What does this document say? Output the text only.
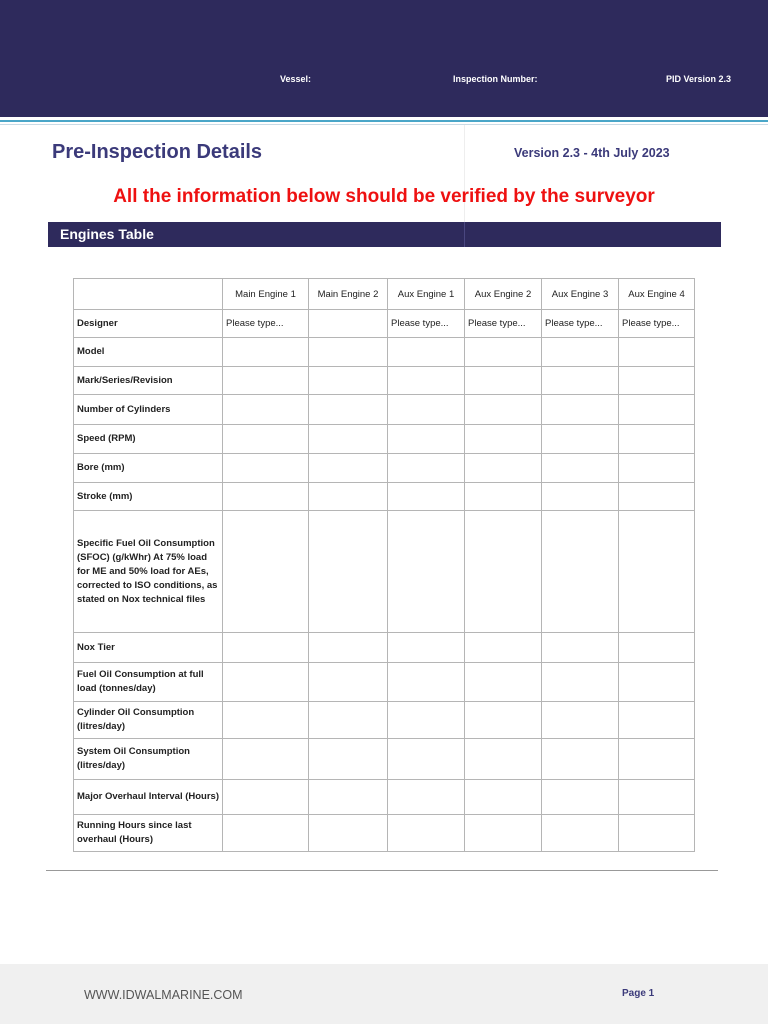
Vessel:	Inspection Number:	PID Version 2.3
Pre-Inspection Details	Version 2.3 - 4th July 2023
All the information below should be verified by the surveyor
Engines Table
	Main Engine 1	Main Engine 2	Aux Engine 1	Aux Engine 2	Aux Engine 3	Aux Engine 4
Designer	Please type...		Please type...	Please type...	Please type...	Please type...
Model						
Mark/Series/Revision						
Number of Cylinders						
Speed (RPM)						
Bore (mm)						
Stroke (mm)						
Specific Fuel Oil Consumption (SFOC) (g/kWhr) At 75% load for ME and 50% load for AEs, corrected to ISO conditions, as stated on Nox technical files						
Nox Tier						
Fuel Oil Consumption at full load (tonnes/day)						
Cylinder Oil Consumption (litres/day)						
System Oil Consumption (litres/day)						
Major Overhaul Interval (Hours)						
Running Hours since last overhaul (Hours)						
WWW.IDWALMARINE.COM	Page 1
